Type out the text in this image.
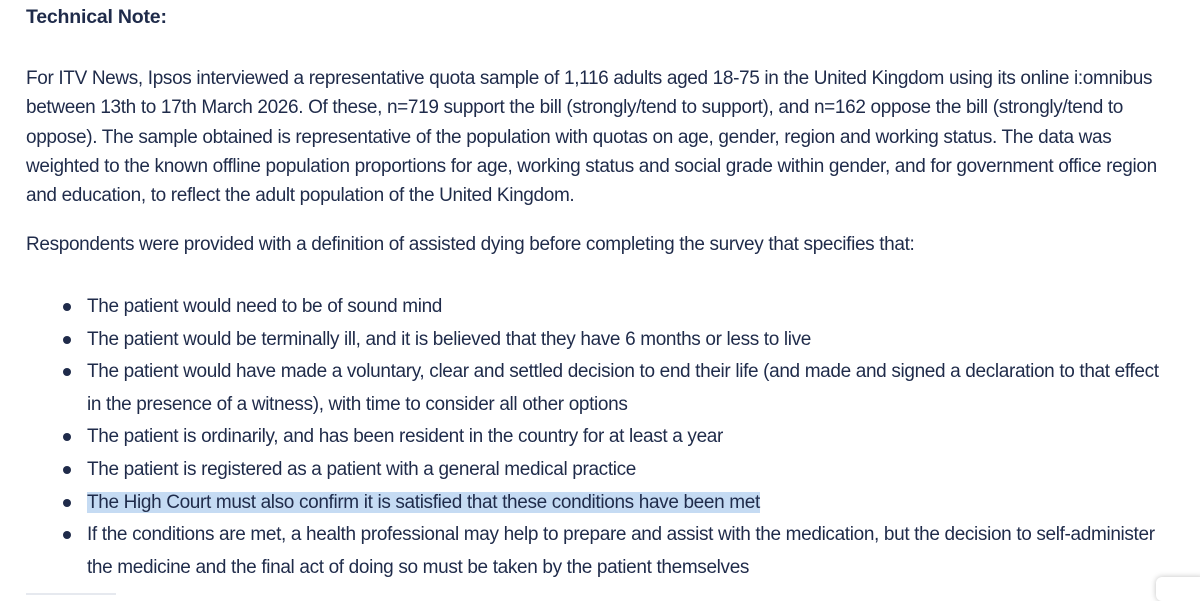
Technical Note:

For ITV News, Ipsos interviewed a representative quota sample of 1,116 adults aged 18-75 in the United Kingdom using its online i:omnibus between 13th to 17th March 2026. Of these, n=719 support the bill (strongly/tend to support), and n=162 oppose the bill (strongly/tend to oppose). The sample obtained is representative of the population with quotas on age, gender, region and working status. The data was weighted to the known offline population proportions for age, working status and social grade within gender, and for government office region and education, to reflect the adult population of the United Kingdom.

Respondents were provided with a definition of assisted dying before completing the survey that specifies that:

The patient would need to be of sound mind
The patient would be terminally ill, and it is believed that they have 6 months or less to live
The patient would have made a voluntary, clear and settled decision to end their life (and made and signed a declaration to that effect in the presence of a witness), with time to consider all other options
The patient is ordinarily, and has been resident in the country for at least a year
The patient is registered as a patient with a general medical practice
The High Court must also confirm it is satisfied that these conditions have been met
If the conditions are met, a health professional may help to prepare and assist with the medication, but the decision to self-administer the medicine and the final act of doing so must be taken by the patient themselves
